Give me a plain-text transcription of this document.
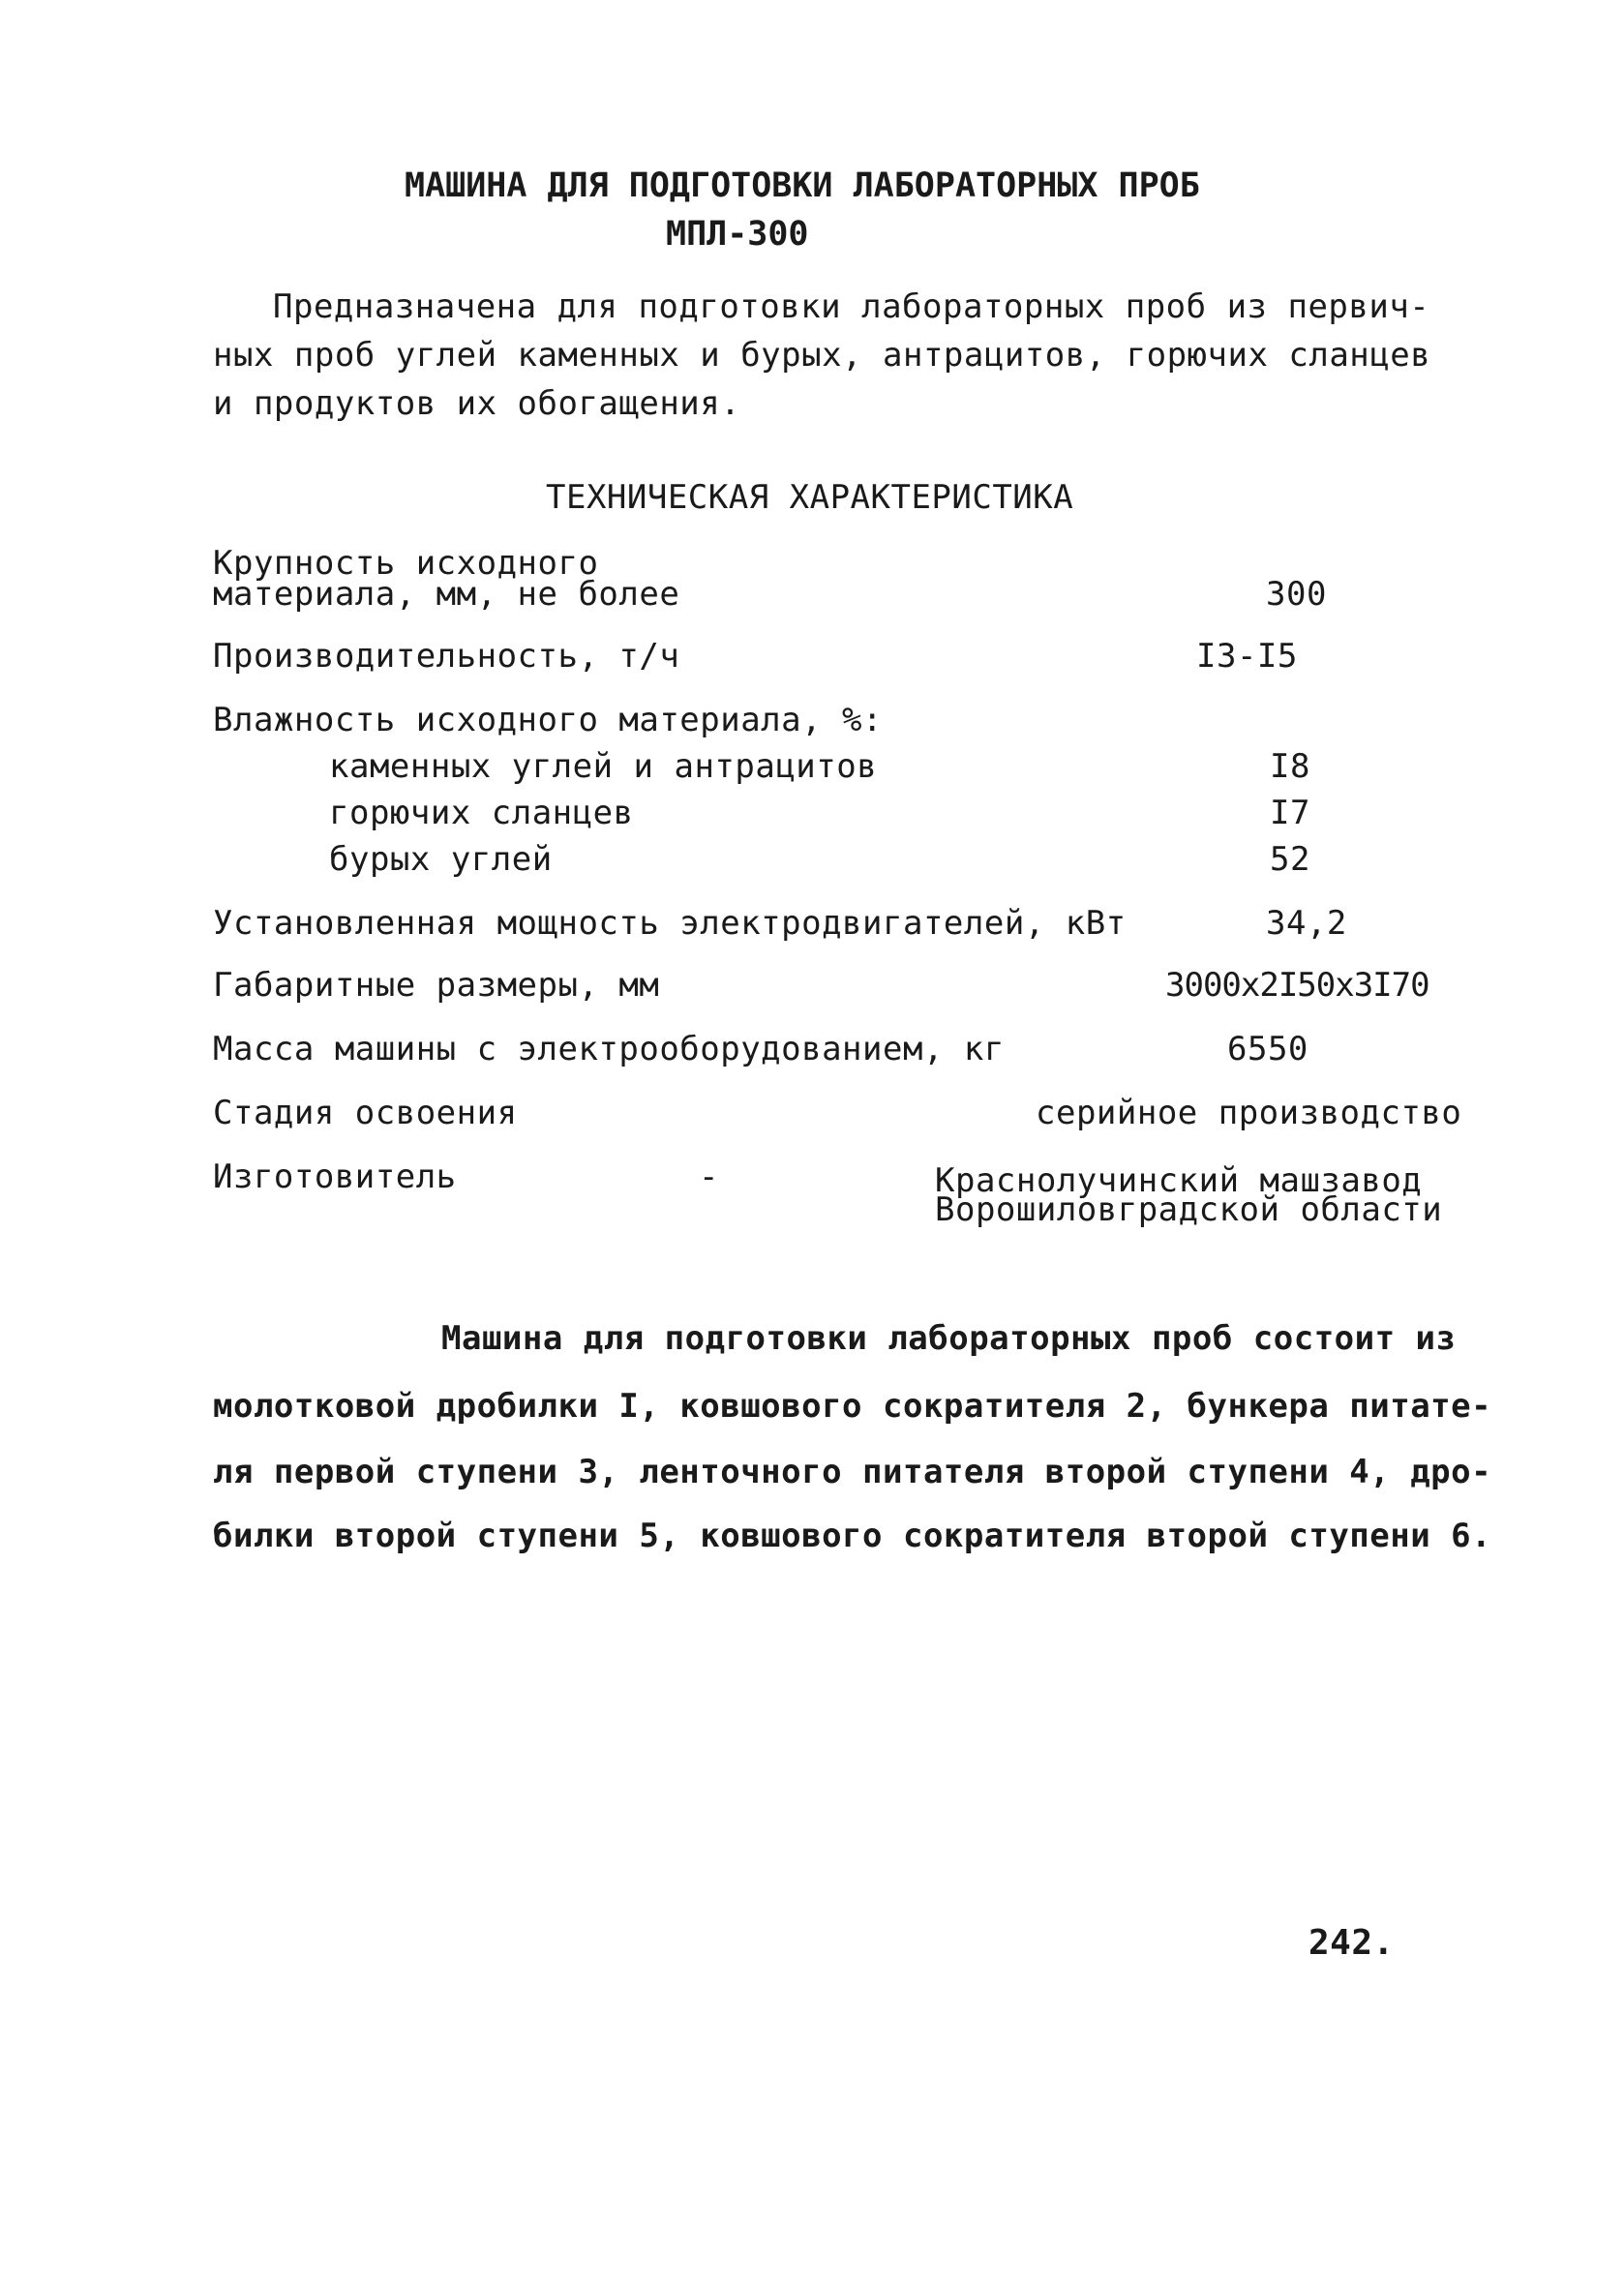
МАШИНА ДЛЯ ПОДГОТОВКИ ЛАБОРАТОРНЫХ ПРОБ
МПЛ-300
Предназначена для подготовки лабораторных проб из первич-
ных проб углей каменных и бурых, антрацитов, горючих сланцев
и продуктов их обогащения.
ТЕХНИЧЕСКАЯ ХАРАКТЕРИСТИКА
Крупность исходного
материала, мм, не более	300
Производительность, т/ч	I3-I5
Влажность исходного материала, %:
каменных углей и антрацитов	I8
горючих сланцев	I7
бурых углей	52
Установленная мощность электродвигателей, кВт	34,2
Габаритные размеры, мм	3000x2I50x3I70
Масса машины с электрооборудованием, кг	6550
Стадия освоения	серийное производство
Изготовитель	-	Краснолучинский машзавод
Ворошиловградской области
Машина для подготовки лабораторных проб состоит из
молотковой дробилки I, ковшового сократителя 2, бункера питате-
ля первой ступени 3, ленточного питателя второй ступени 4, дро-
билки второй ступени 5, ковшового сократителя второй ступени 6.
242.
